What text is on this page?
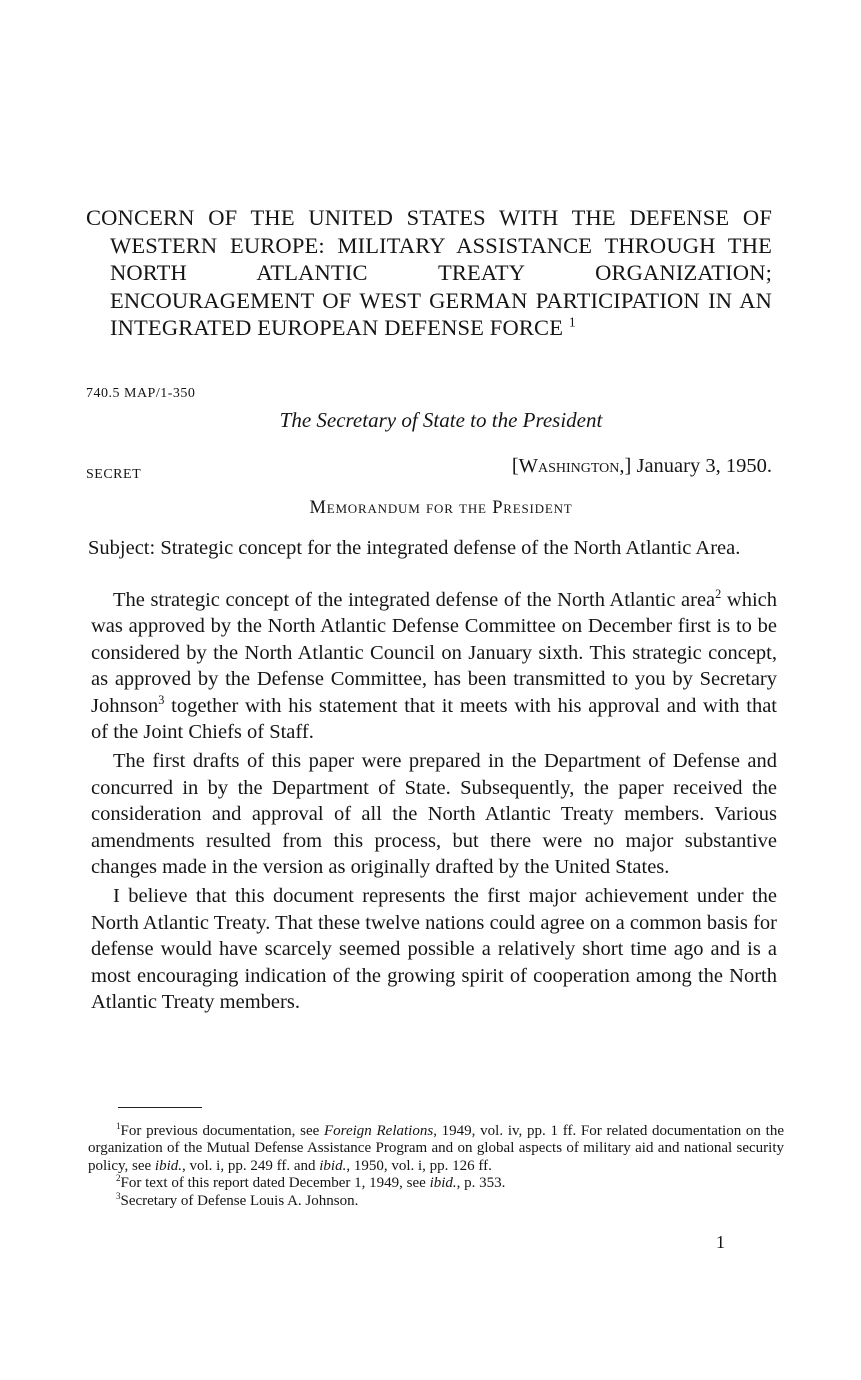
CONCERN OF THE UNITED STATES WITH THE DEFENSE OF WESTERN EUROPE: MILITARY ASSISTANCE THROUGH THE NORTH ATLANTIC TREATY ORGANIZATION; ENCOURAGEMENT OF WEST GERMAN PARTICIPATION IN AN INTEGRATED EUROPEAN DEFENSE FORCE $^1$
740.5 MAP/1-350
The Secretary of State to the President
SECRET	[Washington,] January 3, 1950.
Memorandum for the President
Subject: Strategic concept for the integrated defense of the North Atlantic Area.

The strategic concept of the integrated defense of the North Atlantic area$^2$ which was approved by the North Atlantic Defense Committee on December first is to be considered by the North Atlantic Council on January sixth. This strategic concept, as approved by the Defense Committee, has been transmitted to you by Secretary Johnson$^3$ together with his statement that it meets with his approval and with that of the Joint Chiefs of Staff.

The first drafts of this paper were prepared in the Department of Defense and concurred in by the Department of State. Subsequently, the paper received the consideration and approval of all the North Atlantic Treaty members. Various amendments resulted from this process, but there were no major substantive changes made in the version as originally drafted by the United States.

I believe that this document represents the first major achievement under the North Atlantic Treaty. That these twelve nations could agree on a common basis for defense would have scarcely seemed possible a relatively short time ago and is a most encouraging indication of the growing spirit of cooperation among the North Atlantic Treaty members.

$^1$For previous documentation, see Foreign Relations, 1949, vol. iv, pp. 1 ff. For related documentation on the organization of the Mutual Defense Assistance Program and on global aspects of military aid and national security policy, see ibid., vol. i, pp. 249 ff. and ibid., 1950, vol. i, pp. 126 ff.

$^2$For text of this report dated December 1, 1949, see ibid., p. 353.

$^3$Secretary of Defense Louis A. Johnson.

1
